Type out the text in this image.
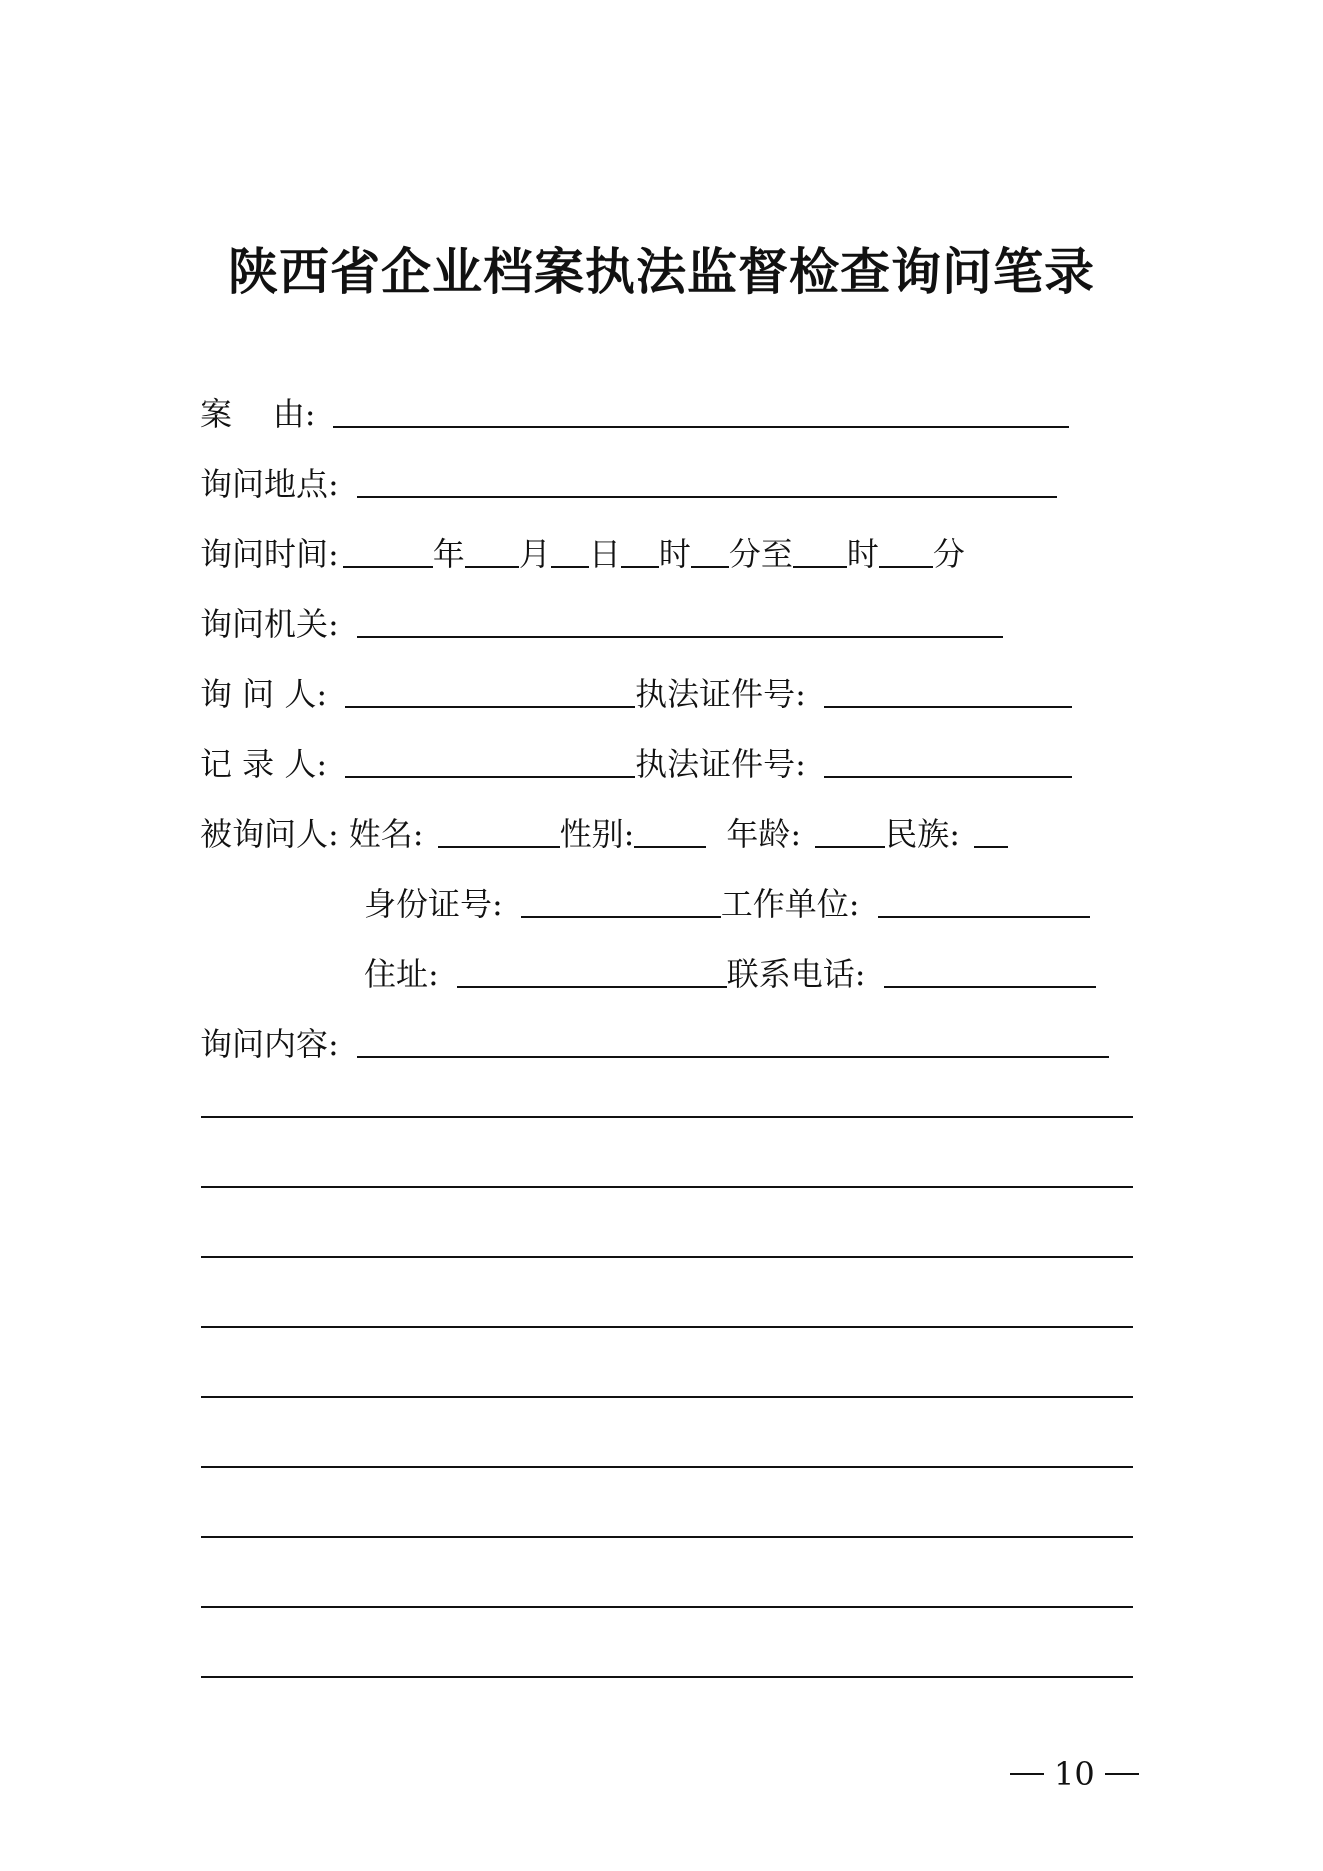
陕西省企业档案执法监督检查询问笔录
案    由:
询问地点:
询问时间:	年 月 日 时 分至 时 分
询问机关:
询 问 人:	执法证件号:
记 录 人:	执法证件号:
被询问人: 姓名:	性别:	年龄:	民族:
身份证号:	工作单位:
住址:	联系电话:
询问内容:
10
